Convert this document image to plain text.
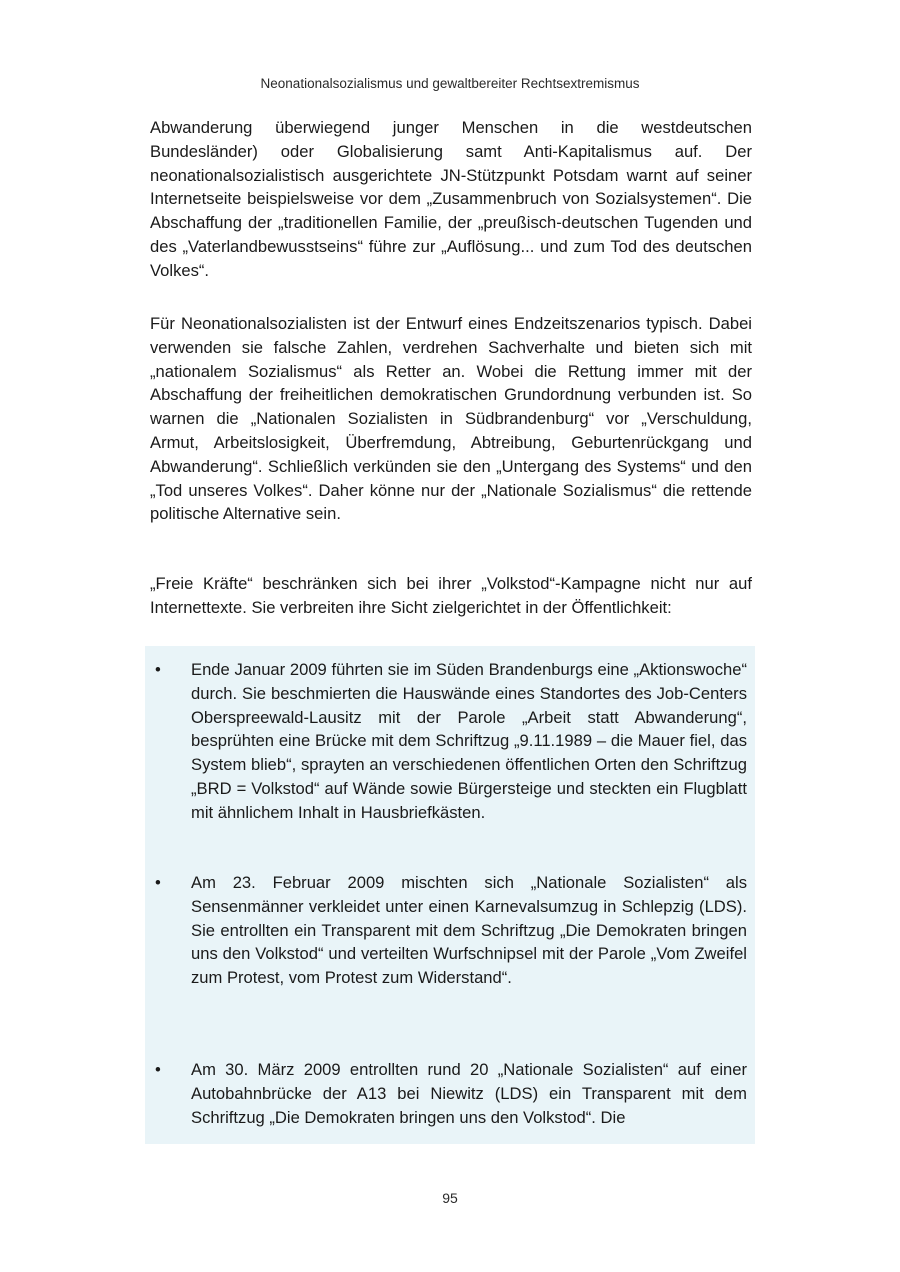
Neonationalsozialismus und gewaltbereiter Rechtsextremismus

Abwanderung überwiegend junger Menschen in die westdeutschen Bundesländer) oder Globalisierung samt Anti-Kapitalismus auf. Der neonationalsozialistisch ausgerichtete JN-Stützpunkt Potsdam warnt auf seiner Internetseite beispielsweise vor dem „Zusammenbruch von Sozialsystemen“. Die Abschaffung der „traditionellen Familie, der „preußisch-deutschen Tugenden und des „Vaterlandbewusstseins“ führe zur „Auflösung... und zum Tod des deutschen Volkes“.

Für Neonationalsozialisten ist der Entwurf eines Endzeitszenarios typisch. Dabei verwenden sie falsche Zahlen, verdrehen Sachverhalte und bieten sich mit „nationalem Sozialismus“ als Retter an. Wobei die Rettung immer mit der Abschaffung der freiheitlichen demokratischen Grundordnung verbunden ist. So warnen die „Nationalen Sozialisten in Südbrandenburg“ vor „Verschuldung, Armut, Arbeitslosigkeit, Überfremdung, Abtreibung, Geburtenrückgang und Abwanderung“. Schließlich verkünden sie den „Untergang des Systems“ und den „Tod unseres Volkes“. Daher könne nur der „Nationale Sozialismus“ die rettende politische Alternative sein.

„Freie Kräfte“ beschränken sich bei ihrer „Volkstod“-Kampagne nicht nur auf Internettexte. Sie verbreiten ihre Sicht zielgerichtet in der Öffentlichkeit:

• Ende Januar 2009 führten sie im Süden Brandenburgs eine „Aktionswoche“ durch. Sie beschmierten die Hauswände eines Standortes des Job-Centers Oberspreewald-Lausitz mit der Parole „Arbeit statt Abwanderung“, besprühten eine Brücke mit dem Schriftzug „9.11.1989 – die Mauer fiel, das System blieb“, sprayten an verschiedenen öffentlichen Orten den Schriftzug „BRD = Volkstod“ auf Wände sowie Bürgersteige und steckten ein Flugblatt mit ähnlichem Inhalt in Hausbriefkästen.

• Am 23. Februar 2009 mischten sich „Nationale Sozialisten“ als Sensenmänner verkleidet unter einen Karnevalsumzug in Schlepzig (LDS). Sie entrollten ein Transparent mit dem Schriftzug „Die Demokraten bringen uns den Volkstod“ und verteilten Wurfschnipsel mit der Parole „Vom Zweifel zum Protest, vom Protest zum Widerstand“.

• Am 30. März 2009 entrollten rund 20 „Nationale Sozialisten“ auf einer Autobahnbrücke der A13 bei Niewitz (LDS) ein Transparent mit dem Schriftzug „Die Demokraten bringen uns den Volkstod“. Die

95
